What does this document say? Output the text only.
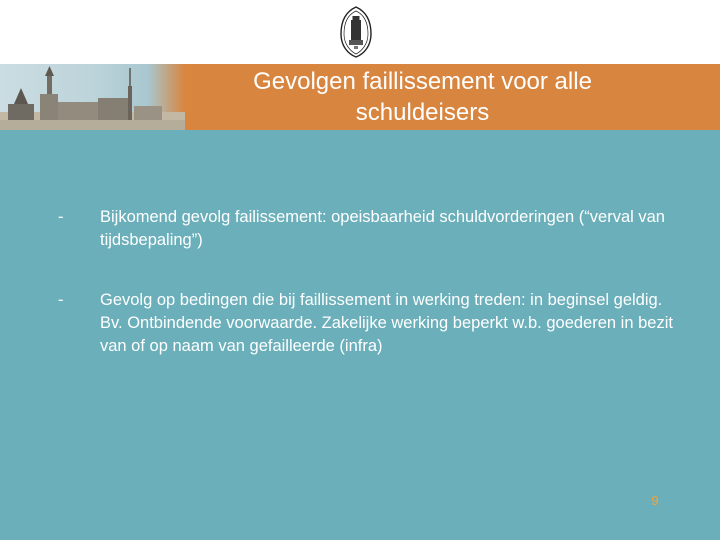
Gevolgen faillissement voor alle schuldeisers
-	Bijkomend gevolg failissement: opeisbaarheid schuldvorderingen (“verval van tijdsbepaling”)
-	Gevolg op bedingen die bij faillissement in werking treden: in beginsel geldig. Bv. Ontbindende voorwaarde. Zakelijke werking beperkt w.b. goederen in bezit van of op naam van gefailleerde (infra)
9
